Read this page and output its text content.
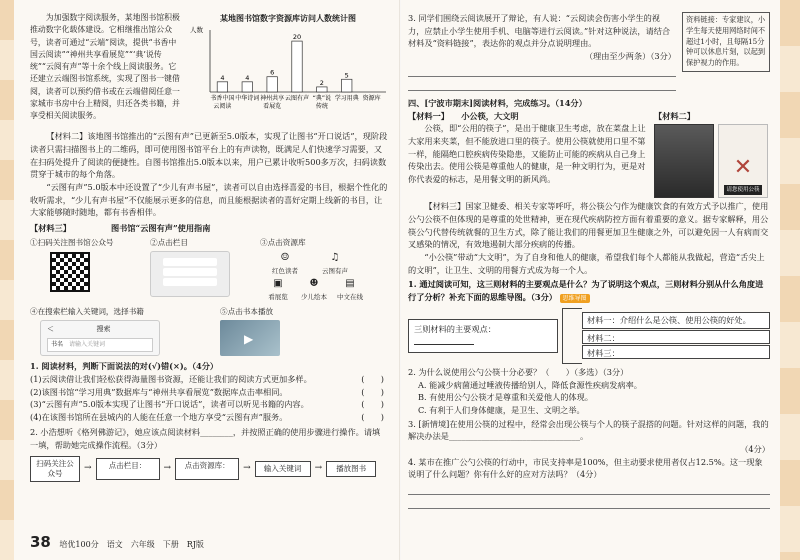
为加强数字阅读服务，某地图书馆积极推动数字化载体建设。它相继推出馆公众号，读者可通过“云端”阅读，提供“书香中国云阅读”“神州共享看展览”“‘典’说传统”“云阅有声”等十余个线上阅读服务。它还建立云端图书馆系统，实现了图书一键借阅，读者可以预约借书或在云端借阅任意一家城市书房中台上精阅，归还各类书籍，并享受相关阅读服务。

某地图书馆数字资源库访问人数统计图
人数
4
书香中国
云阅读
4
中华诗词
6
神州共享
看展览
20
云图有声
2
“典”说
传统
5
学习用典 资源库

【材料二】该地图书馆推出的“云图有声”已更新至5.0版本，实现了让图书“开口说话”，现阶段读者只需扫描图书上的二维码，即可使用图书馆平台上的有声读物，既满足人们快速学习需要，又在扫码处提升了阅读的便捷性。自图书馆推出5.0版本以来，用户已累计收听500多万次，扫码读数贯穿于城市的每个角落。

“云图有声”5.0版本中还设置了“少儿有声书屋”，读者可以自由选择喜爱的书目，根据个性化的收听需求，“少儿有声书屋”不仅能展示更多的信息，而且能根据读者的喜好定期上线新的书目，让大家能够随时随地，都有书香相伴。

【材料三】	图书馆“云图有声”使用指南
①扫码关注图书馆公众号	②点击栏目	③点击资源库
☺
红色读者
♫
云图有声
▣
看展览
☻
少儿绘本
▤
中文在线
④在搜索栏输入关键词，选择书籍
＜	搜索
书名 请输入关键词
⑤点击书本播放
▶
1. 阅读材料，判断下面说法的对(√)错(×)。（4分）
(1)云阅读借让我们轻松获得海量图书资源，还能让我们的阅读方式更加多样。	(　　)
(2)该图书馆“学习用典”数据库与“神州共享看展览”数据库点击率相同。	(　　)
(3)“云图有声”5.0版本实现了让图书“开口说话”，读者可以听见书籍的内容。	(　　)
(4)在该图书馆所在县城内的人能在任意一个地方享受“云图有声”服务。	(　　)
2. 小浩想听《格列佛游记》，她应该点阅读材料________，并按照正确的使用步骤进行操作。请填一填，帮助她完成操作流程。（3分）
扫码关注公众号
→	点击栏目：	→	点击资源库：	→	输入关键词	→	播放图书
38 培优100分　语文　六年级　下册　RJ版
3. 同学们围绕云阅读展开了辩论，有人说：“云阅读会伤害小学生的视力，应禁止小学生使用手机、电脑等进行云阅读。”针对这种说法，请结合材料及“资料链接”，表达你的观点并分点说明理由。
（理由至少两条）（3分）
资料链接：专家建议，小学生每天使用网络时间不超过1小时，且每隔15分钟可以休息片刻，以起到保护视力的作用。
四、[宁波市期末]阅读材料，完成练习。（14分）
【材料一】　　小公筷，大文明

公筷，即“公用的筷子”，是出于健康卫生考虑，放在菜盘上让大家用来夹菜，但不能放进口里的筷子。使用公筷就使用口里不第一样，能隔绝口腔疾病传染隐患，又能防止可能的疾病从自己身上传染出去。使用公筷是尊重他人的健康，是一种文明行为，更是对你代表爱的标志，是用餐文明的新风尚。

【材料二】
✕
请您使用公筷

【材料三】国家卫健委、相关专家等呼吁，将公筷公勺作为健康饮食的有效方式予以推广，使用公勺公筷不但体现的是尊重的处世精神，更在现代疾病防控方面有着重要的意义。据专家解释，用公筷公勺代替传统就餐的卫生方式，除了能让我们的用餐更加卫生健康之外，可以避免因一人有病而交叉感染的情况，有效地遏制大部分疾病的传播。

“小公筷”带动“大文明”，为了自身和他人的健康，希望我们每个人都能从我做起，营造“舌尖上的文明”，让卫生、文明的用餐方式成为每一个人。

1. 通过阅读可知，这三则材料的主要观点是什么？为了说明这个观点，三则材料分别从什么角度进行了分析？补充下面的思维导图。（3分） 思维导图
三则材料的主要观点：
材料一：介绍什么是公筷、使用公筷的好处。
材料二：
材料三：
2. 为什么说使用公勺公筷十分必要？（　　）（多选）（3分）
A. 能减少病菌通过唾液传播给别人，降低食源性疾病发病率。
B. 有使用公勺公筷才是尊重和关爱他人的体现。
C. 有利于人们身体健康，是卫生、文明之举。
3. [新情境]在使用公筷的过程中，经常会出现公筷与个人的筷子混搭的问题。针对这样的问题，我的解决办法是________________________________。
（4分）
4. 某市在推广公勺公筷的行动中，市民支持率是100%，但主动要求使用者仅占12.5%。这一现象说明了什么问题？你有什么好的应对方法吗？（4分）
